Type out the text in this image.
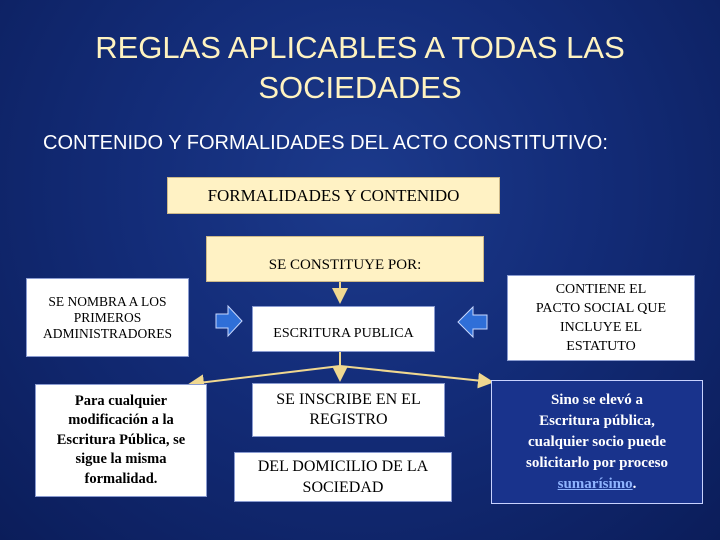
REGLAS APLICABLES A TODAS LAS
SOCIEDADES
CONTENIDO Y FORMALIDADES DEL ACTO CONSTITUTIVO:
FORMALIDADES Y CONTENIDO
SE CONSTITUYE POR:
SE NOMBRA A LOS
PRIMEROS
ADMINISTRADORES	ESCRITURA PUBLICA
CONTIENE EL
PACTO SOCIAL QUE
INCLUYE EL
ESTATUTO
Para cualquier
modificación a la
Escritura Pública, se
sigue la misma
formalidad.
SE INSCRIBE EN EL
REGISTRO
DEL DOMICILIO DE LA
SOCIEDAD
Sino se elevó a
Escritura pública,
cualquier socio puede
solicitarlo por proceso
sumarísimo.
